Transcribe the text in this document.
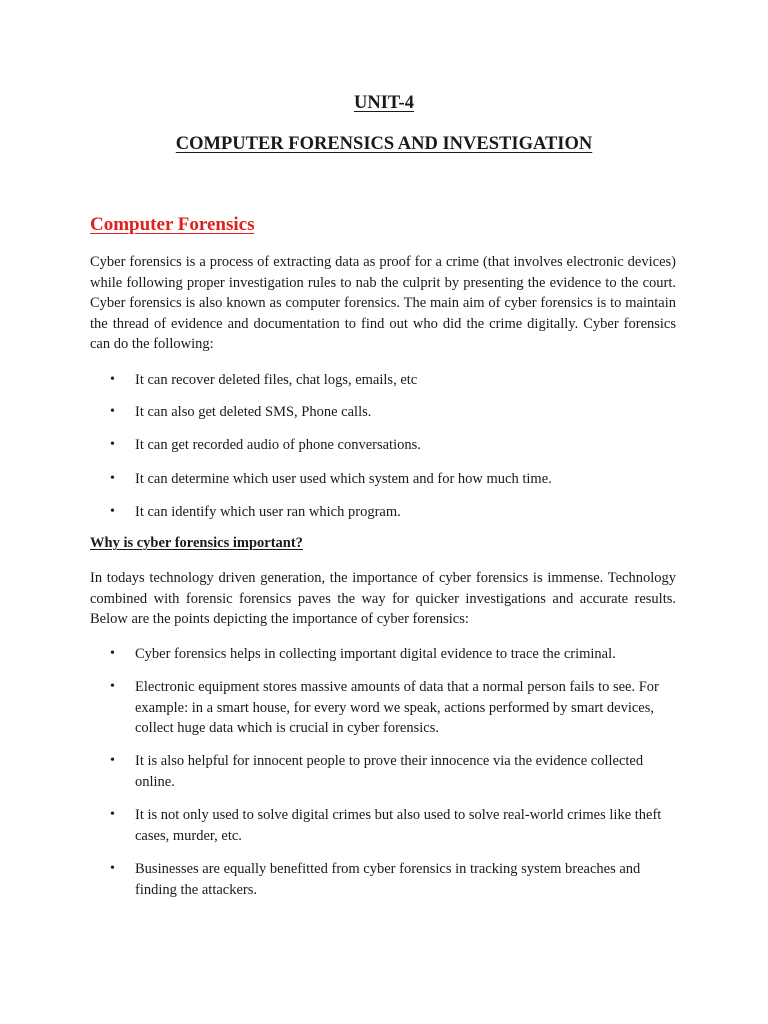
UNIT-4
COMPUTER FORENSICS AND INVESTIGATION
Computer Forensics

Cyber forensics is a process of extracting data as proof for a crime (that involves electronic devices) while following proper investigation rules to nab the culprit by presenting the evidence to the court. Cyber forensics is also known as computer forensics. The main aim of cyber forensics is to maintain the thread of evidence and documentation to find out who did the crime digitally. Cyber forensics can do the following:

• It can recover deleted files, chat logs, emails, etc
• It can also get deleted SMS, Phone calls.
• It can get recorded audio of phone conversations.
• It can determine which user used which system and for how much time.
• It can identify which user ran which program.
Why is cyber forensics important?

In todays technology driven generation, the importance of cyber forensics is immense. Technology combined with forensic forensics paves the way for quicker investigations and accurate results. Below are the points depicting the importance of cyber forensics:

• Cyber forensics helps in collecting important digital evidence to trace the criminal.
• Electronic equipment stores massive amounts of data that a normal person fails to see. For example: in a smart house, for every word we speak, actions performed by smart devices, collect huge data which is crucial in cyber forensics.
• It is also helpful for innocent people to prove their innocence via the evidence collected online.
• It is not only used to solve digital crimes but also used to solve real-world crimes like theft cases, murder, etc.
• Businesses are equally benefitted from cyber forensics in tracking system breaches and finding the attackers.
